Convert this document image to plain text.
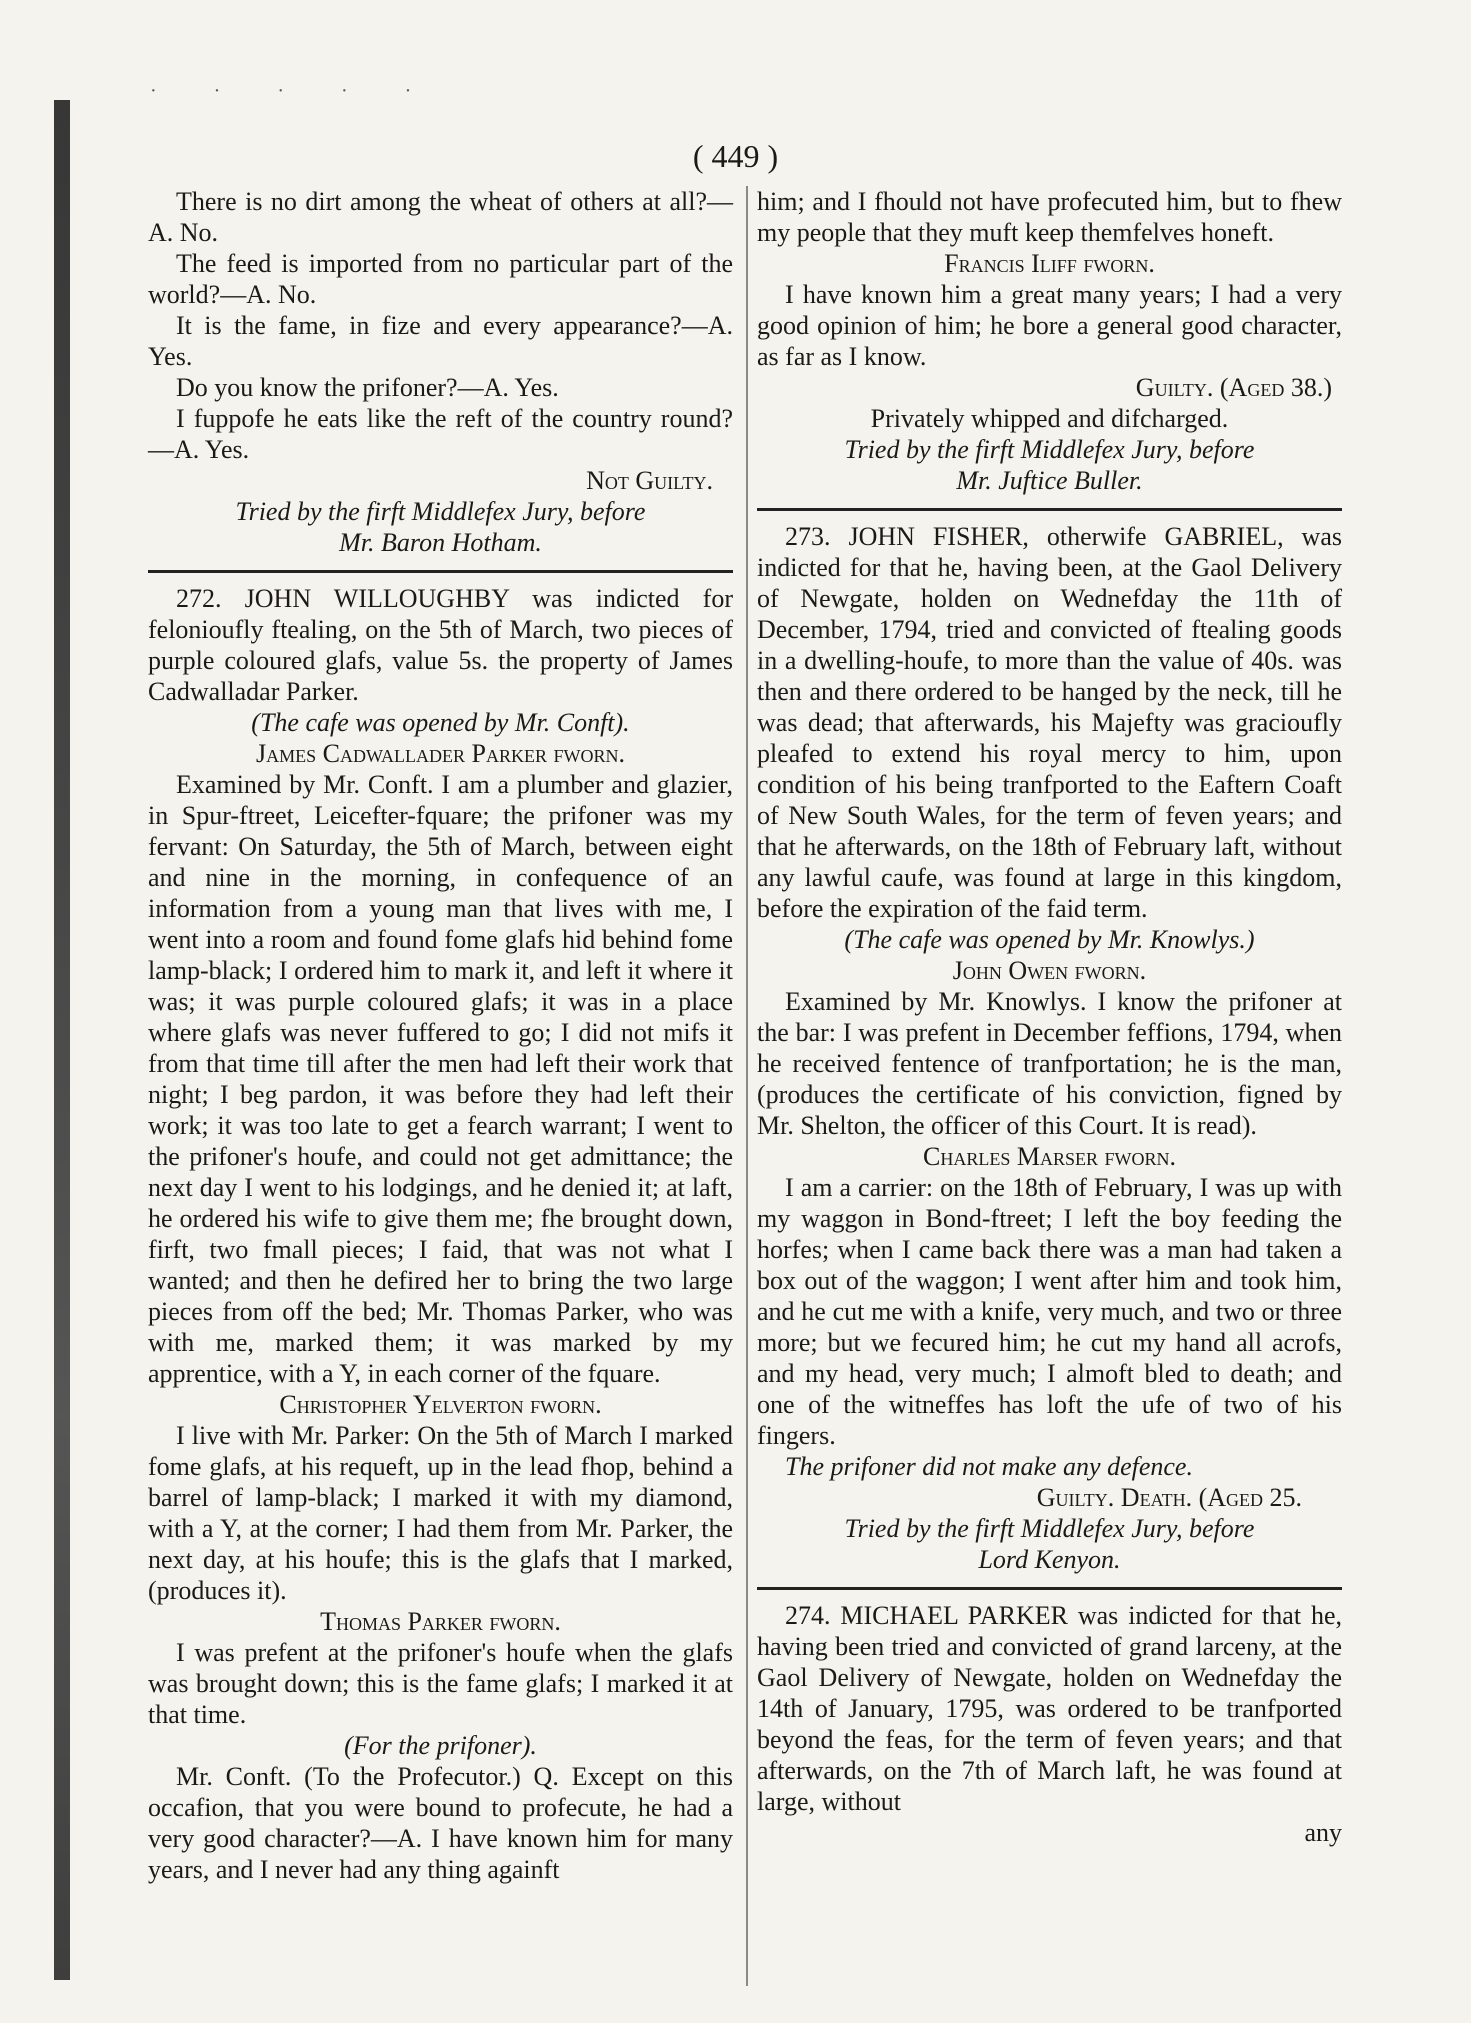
· · · · ·
( 449 )

There is no dirt among the wheat of others at all?—A. No.

The feed is imported from no particular part of the world?—A. No.

It is the fame, in fize and every appearance?—A. Yes.

Do you know the prifoner?—A. Yes.

I fuppofe he eats like the reft of the country round?—A. Yes.

Not Guilty.

Tried by the firft Middlefex Jury, before

Mr. Baron Hotham.

272. JOHN WILLOUGHBY was indicted for felonioufly ftealing, on the 5th of March, two pieces of purple coloured glafs, value 5s. the property of James Cadwalladar Parker.

(The cafe was opened by Mr. Conft).

James Cadwallader Parker fworn.

Examined by Mr. Conft. I am a plumber and glazier, in Spur-ftreet, Leicefter-fquare; the prifoner was my fervant: On Saturday, the 5th of March, between eight and nine in the morning, in confequence of an information from a young man that lives with me, I went into a room and found fome glafs hid behind fome lamp-black; I ordered him to mark it, and left it where it was; it was purple coloured glafs; it was in a place where glafs was never fuffered to go; I did not mifs it from that time till after the men had left their work that night; I beg pardon, it was before they had left their work; it was too late to get a fearch warrant; I went to the prifoner's houfe, and could not get admittance; the next day I went to his lodgings, and he denied it; at laft, he ordered his wife to give them me; fhe brought down, firft, two fmall pieces; I faid, that was not what I wanted; and then he defired her to bring the two large pieces from off the bed; Mr. Thomas Parker, who was with me, marked them; it was marked by my apprentice, with a Y, in each corner of the fquare.

Christopher Yelverton fworn.

I live with Mr. Parker: On the 5th of March I marked fome glafs, at his requeft, up in the lead fhop, behind a barrel of lamp-black; I marked it with my diamond, with a Y, at the corner; I had them from Mr. Parker, the next day, at his houfe; this is the glafs that I marked, (produces it).

Thomas Parker fworn.

I was prefent at the prifoner's houfe when the glafs was brought down; this is the fame glafs; I marked it at that time.

(For the prifoner).

Mr. Conft. (To the Profecutor.) Q. Except on this occafion, that you were bound to profecute, he had a very good character?—A. I have known him for many years, and I never had any thing againft

him; and I fhould not have profecuted him, but to fhew my people that they muft keep themfelves honeft.

Francis Iliff fworn.

I have known him a great many years; I had a very good opinion of him; he bore a general good character, as far as I know.

Guilty. (Aged 38.)

Privately whipped and difcharged.

Tried by the firft Middlefex Jury, before

Mr. Juftice Buller.

273. JOHN FISHER, otherwife GABRIEL, was indicted for that he, having been, at the Gaol Delivery of Newgate, holden on Wednefday the 11th of December, 1794, tried and convicted of ftealing goods in a dwelling-houfe, to more than the value of 40s. was then and there ordered to be hanged by the neck, till he was dead; that afterwards, his Majefty was gracioufly pleafed to extend his royal mercy to him, upon condition of his being tranfported to the Eaftern Coaft of New South Wales, for the term of feven years; and that he afterwards, on the 18th of February laft, without any lawful caufe, was found at large in this kingdom, before the expiration of the faid term.

(The cafe was opened by Mr. Knowlys.)

John Owen fworn.

Examined by Mr. Knowlys. I know the prifoner at the bar: I was prefent in December feffions, 1794, when he received fentence of tranfportation; he is the man, (produces the certificate of his conviction, figned by Mr. Shelton, the officer of this Court. It is read).

Charles Marser fworn.

I am a carrier: on the 18th of February, I was up with my waggon in Bond-ftreet; I left the boy feeding the horfes; when I came back there was a man had taken a box out of the waggon; I went after him and took him, and he cut me with a knife, very much, and two or three more; but we fecured him; he cut my hand all acrofs, and my head, very much; I almoft bled to death; and one of the witneffes has loft the ufe of two of his fingers.

The prifoner did not make any defence.

Guilty. Death. (Aged 25.

Tried by the firft Middlefex Jury, before

Lord Kenyon.

274. MICHAEL PARKER was indicted for that he, having been tried and convicted of grand larceny, at the Gaol Delivery of Newgate, holden on Wednefday the 14th of January, 1795, was ordered to be tranfported beyond the feas, for the term of feven years; and that afterwards, on the 7th of March laft, he was found at large, without

any
